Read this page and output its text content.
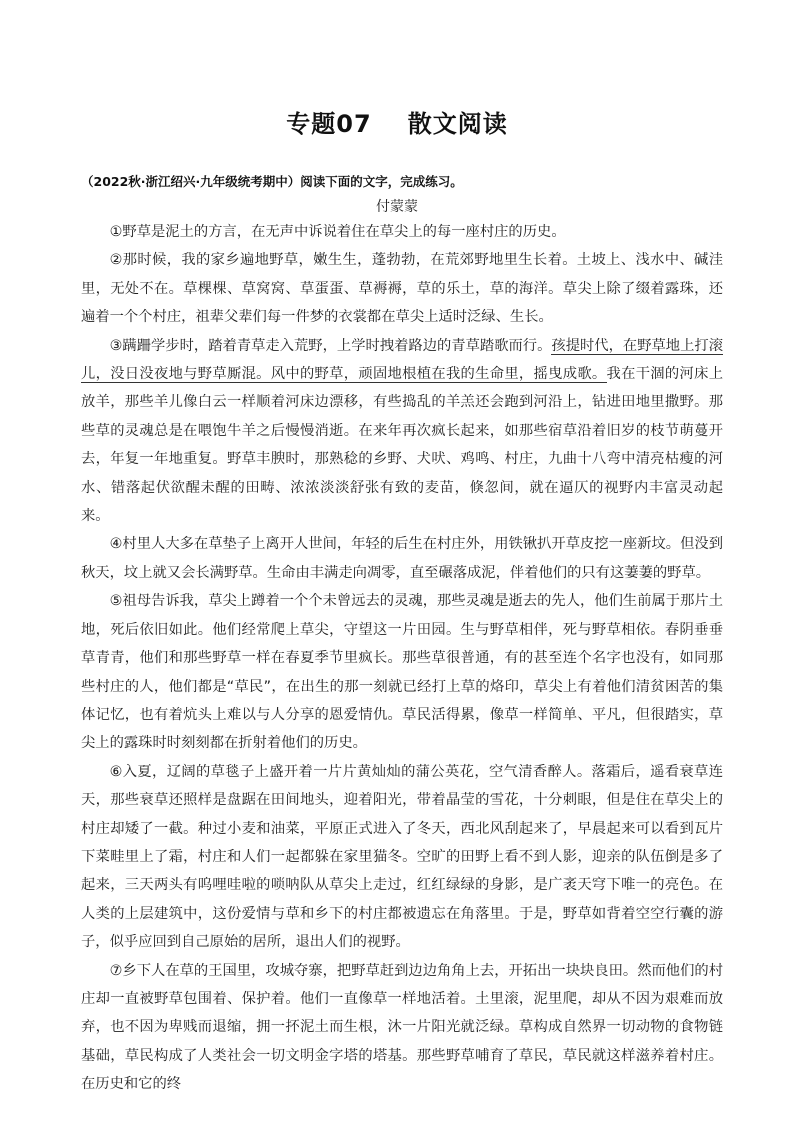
专题07 散文阅读
（2022秋·浙江绍兴·九年级统考期中）阅读下面的文字，完成练习。
付蒙蒙

①野草是泥土的方言，在无声中诉说着住在草尖上的每一座村庄的历史。

②那时候，我的家乡遍地野草，嫩生生，蓬勃勃，在荒郊野地里生长着。土坡上、浅水中、碱洼里，无处不在。草棵棵、草窝窝、草蛋蛋、草褥褥，草的乐土，草的海洋。草尖上除了缀着露珠，还遍着一个个村庄，祖辈父辈们每一件梦的衣裳都在草尖上适时泛绿、生长。

③蹒跚学步时，踏着青草走入荒野，上学时拽着路边的青草踏歌而行。孩提时代，在野草地上打滚儿，没日没夜地与野草厮混。风中的野草，顽固地根植在我的生命里，摇曳成歌。我在干涸的河床上放羊，那些羊儿像白云一样顺着河床边漂移，有些捣乱的羊羔还会跑到河沿上，钻进田地里撒野。那些草的灵魂总是在喂饱牛羊之后慢慢消逝。在来年再次疯长起来，如那些宿草沿着旧岁的枝节萌蔓开去，年复一年地重复。野草丰腴时，那熟稔的乡野、犬吠、鸡鸣、村庄，九曲十八弯中清亮枯瘦的河水、错落起伏欲醒未醒的田畴、浓浓淡淡舒张有致的麦苗，倏忽间，就在逼仄的视野内丰富灵动起来。

④村里人大多在草垫子上离开人世间，年轻的后生在村庄外，用铁锹扒开草皮挖一座新坟。但没到秋天，坟上就又会长满野草。生命由丰满走向凋零，直至碾落成泥，伴着他们的只有这萋萋的野草。

⑤祖母告诉我，草尖上蹲着一个个未曾远去的灵魂，那些灵魂是逝去的先人，他们生前属于那片土地，死后依旧如此。他们经常爬上草尖，守望这一片田园。生与野草相伴，死与野草相依。春阴垂垂草青青，他们和那些野草一样在春夏季节里疯长。那些草很普通，有的甚至连个名字也没有，如同那些村庄的人，他们都是“草民”，在出生的那一刻就已经打上草的烙印，草尖上有着他们清贫困苦的集体记忆，也有着炕头上难以与人分享的恩爱情仇。草民活得累，像草一样简单、平凡，但很踏实，草尖上的露珠时时刻刻都在折射着他们的历史。

⑥入夏，辽阔的草毯子上盛开着一片片黄灿灿的蒲公英花，空气清香醉人。落霜后，遥看衰草连天，那些衰草还照样是盘踞在田间地头，迎着阳光，带着晶莹的雪花，十分刺眼，但是住在草尖上的村庄却矮了一截。种过小麦和油菜，平原正式进入了冬天，西北风刮起来了，早晨起来可以看到瓦片下菜畦里上了霜，村庄和人们一起都躲在家里猫冬。空旷的田野上看不到人影，迎亲的队伍倒是多了起来，三天两头有呜哩哇啦的唢呐队从草尖上走过，红红绿绿的身影，是广袤天穹下唯一的亮色。在人类的上层建筑中，这份爱情与草和乡下的村庄都被遗忘在角落里。于是，野草如背着空空行囊的游子，似乎应回到自己原始的居所，退出人们的视野。

⑦乡下人在草的王国里，攻城夺寨，把野草赶到边边角角上去，开拓出一块块良田。然而他们的村庄却一直被野草包围着、保护着。他们一直像草一样地活着。土里滚，泥里爬，却从不因为艰难而放弃，也不因为卑贱而退缩，拥一抔泥土而生根，沐一片阳光就泛绿。草构成自然界一切动物的食物链基础，草民构成了人类社会一切文明金字塔的塔基。那些野草哺育了草民，草民就这样滋养着村庄。在历史和它的终
